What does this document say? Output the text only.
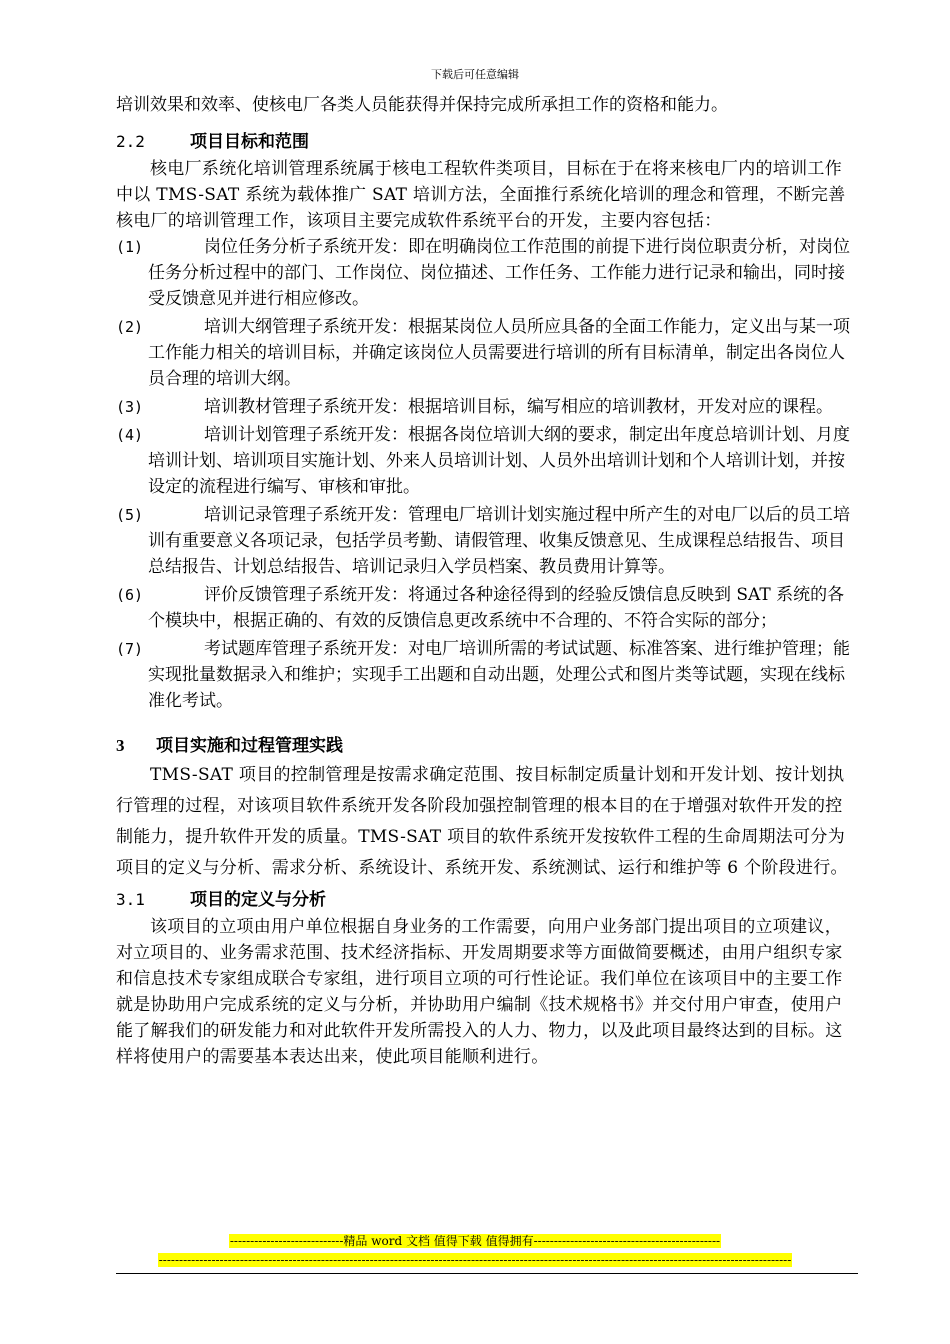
下载后可任意编辑

培训效果和效率、使核电厂各类人员能获得并保持完成所承担工作的资格和能力。

2.2	项目目标和范围

核电厂系统化培训管理系统属于核电工程软件类项目，目标在于在将来核电厂内的培训工作中以 TMS-SAT 系统为载体推广 SAT 培训方法，全面推行系统化培训的理念和管理，不断完善核电厂的培训管理工作，该项目主要完成软件系统平台的开发，主要内容包括：

(1)	岗位任务分析子系统开发：即在明确岗位工作范围的前提下进行岗位职责分析，对岗位任务分析过程中的部门、工作岗位、岗位描述、工作任务、工作能力进行记录和输出，同时接受反馈意见并进行相应修改。
(2)	培训大纲管理子系统开发：根据某岗位人员所应具备的全面工作能力，定义出与某一项工作能力相关的培训目标，并确定该岗位人员需要进行培训的所有目标清单，制定出各岗位人员合理的培训大纲。
(3)	培训教材管理子系统开发：根据培训目标，编写相应的培训教材，开发对应的课程。
(4)	培训计划管理子系统开发：根据各岗位培训大纲的要求，制定出年度总培训计划、月度培训计划、培训项目实施计划、外来人员培训计划、人员外出培训计划和个人培训计划，并按设定的流程进行编写、审核和审批。
(5)	培训记录管理子系统开发：管理电厂培训计划实施过程中所产生的对电厂以后的员工培训有重要意义各项记录，包括学员考勤、请假管理、收集反馈意见、生成课程总结报告、项目总结报告、计划总结报告、培训记录归入学员档案、教员费用计算等。
(6)	评价反馈管理子系统开发：将通过各种途径得到的经验反馈信息反映到 SAT 系统的各个模块中，根据正确的、有效的反馈信息更改系统中不合理的、不符合实际的部分；
(7)	考试题库管理子系统开发：对电厂培训所需的考试试题、标准答案、进行维护管理；能实现批量数据录入和维护；实现手工出题和自动出题，处理公式和图片类等试题，实现在线标准化考试。
3 项目实施和过程管理实践

TMS-SAT 项目的控制管理是按需求确定范围、按目标制定质量计划和开发计划、按计划执行管理的过程，对该项目软件系统开发各阶段加强控制管理的根本目的在于增强对软件开发的控制能力，提升软件开发的质量。TMS-SAT 项目的软件系统开发按软件工程的生命周期法可分为项目的定义与分析、需求分析、系统设计、系统开发、系统测试、运行和维护等 6 个阶段进行。

3.1	项目的定义与分析

该项目的立项由用户单位根据自身业务的工作需要，向用户业务部门提出项目的立项建议，对立项目的、业务需求范围、技术经济指标、开发周期要求等方面做简要概述，由用户组织专家和信息技术专家组成联合专家组，进行项目立项的可行性论证。我们单位在该项目中的主要工作就是协助用户完成系统的定义与分析，并协助用户编制《技术规格书》并交付用户审查，使用户能了解我们的研发能力和对此软件开发所需投入的人力、物力，以及此项目最终达到的目标。这样将使用户的需要基本表达出来，使此项目能顺利进行。

----------------------------精品 word 文档 值得下载 值得拥有----------------------------------------------
------------------------------------------------------------------------------------------------------------------------------------------------------------
